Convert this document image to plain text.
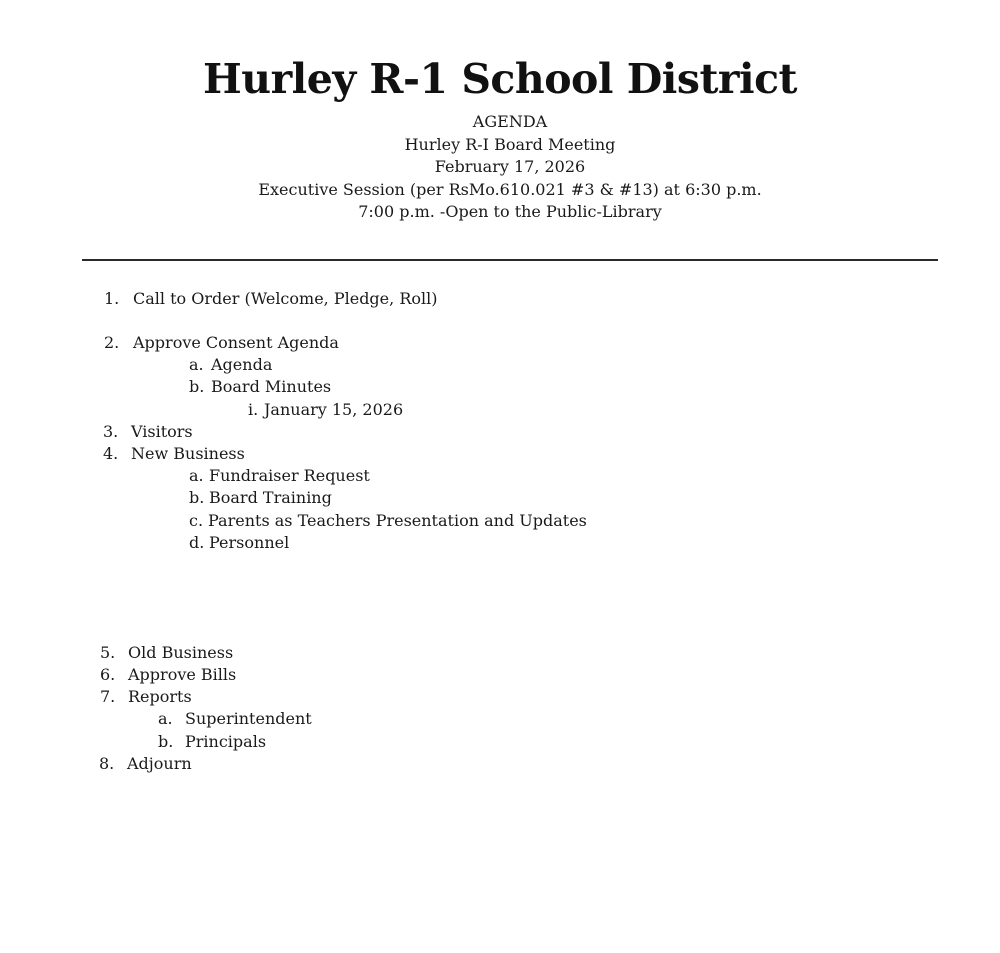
Hurley R-1 School District
AGENDA
Hurley R-I Board Meeting
February 17, 2026
Executive Session (per RsMo.610.021 #3 & #13) at 6:30 p.m.
7:00 p.m. -Open to the Public-Library
1. Call to Order (Welcome, Pledge, Roll)
2. Approve Consent Agenda
a. Agenda
b. Board Minutes
i. January 15, 2026
3. Visitors
4. New Business
a. Fundraiser Request
b. Board Training
c. Parents as Teachers Presentation and Updates
d. Personnel
5. Old Business
6. Approve Bills
7. Reports
a. Superintendent
b. Principals
8. Adjourn
